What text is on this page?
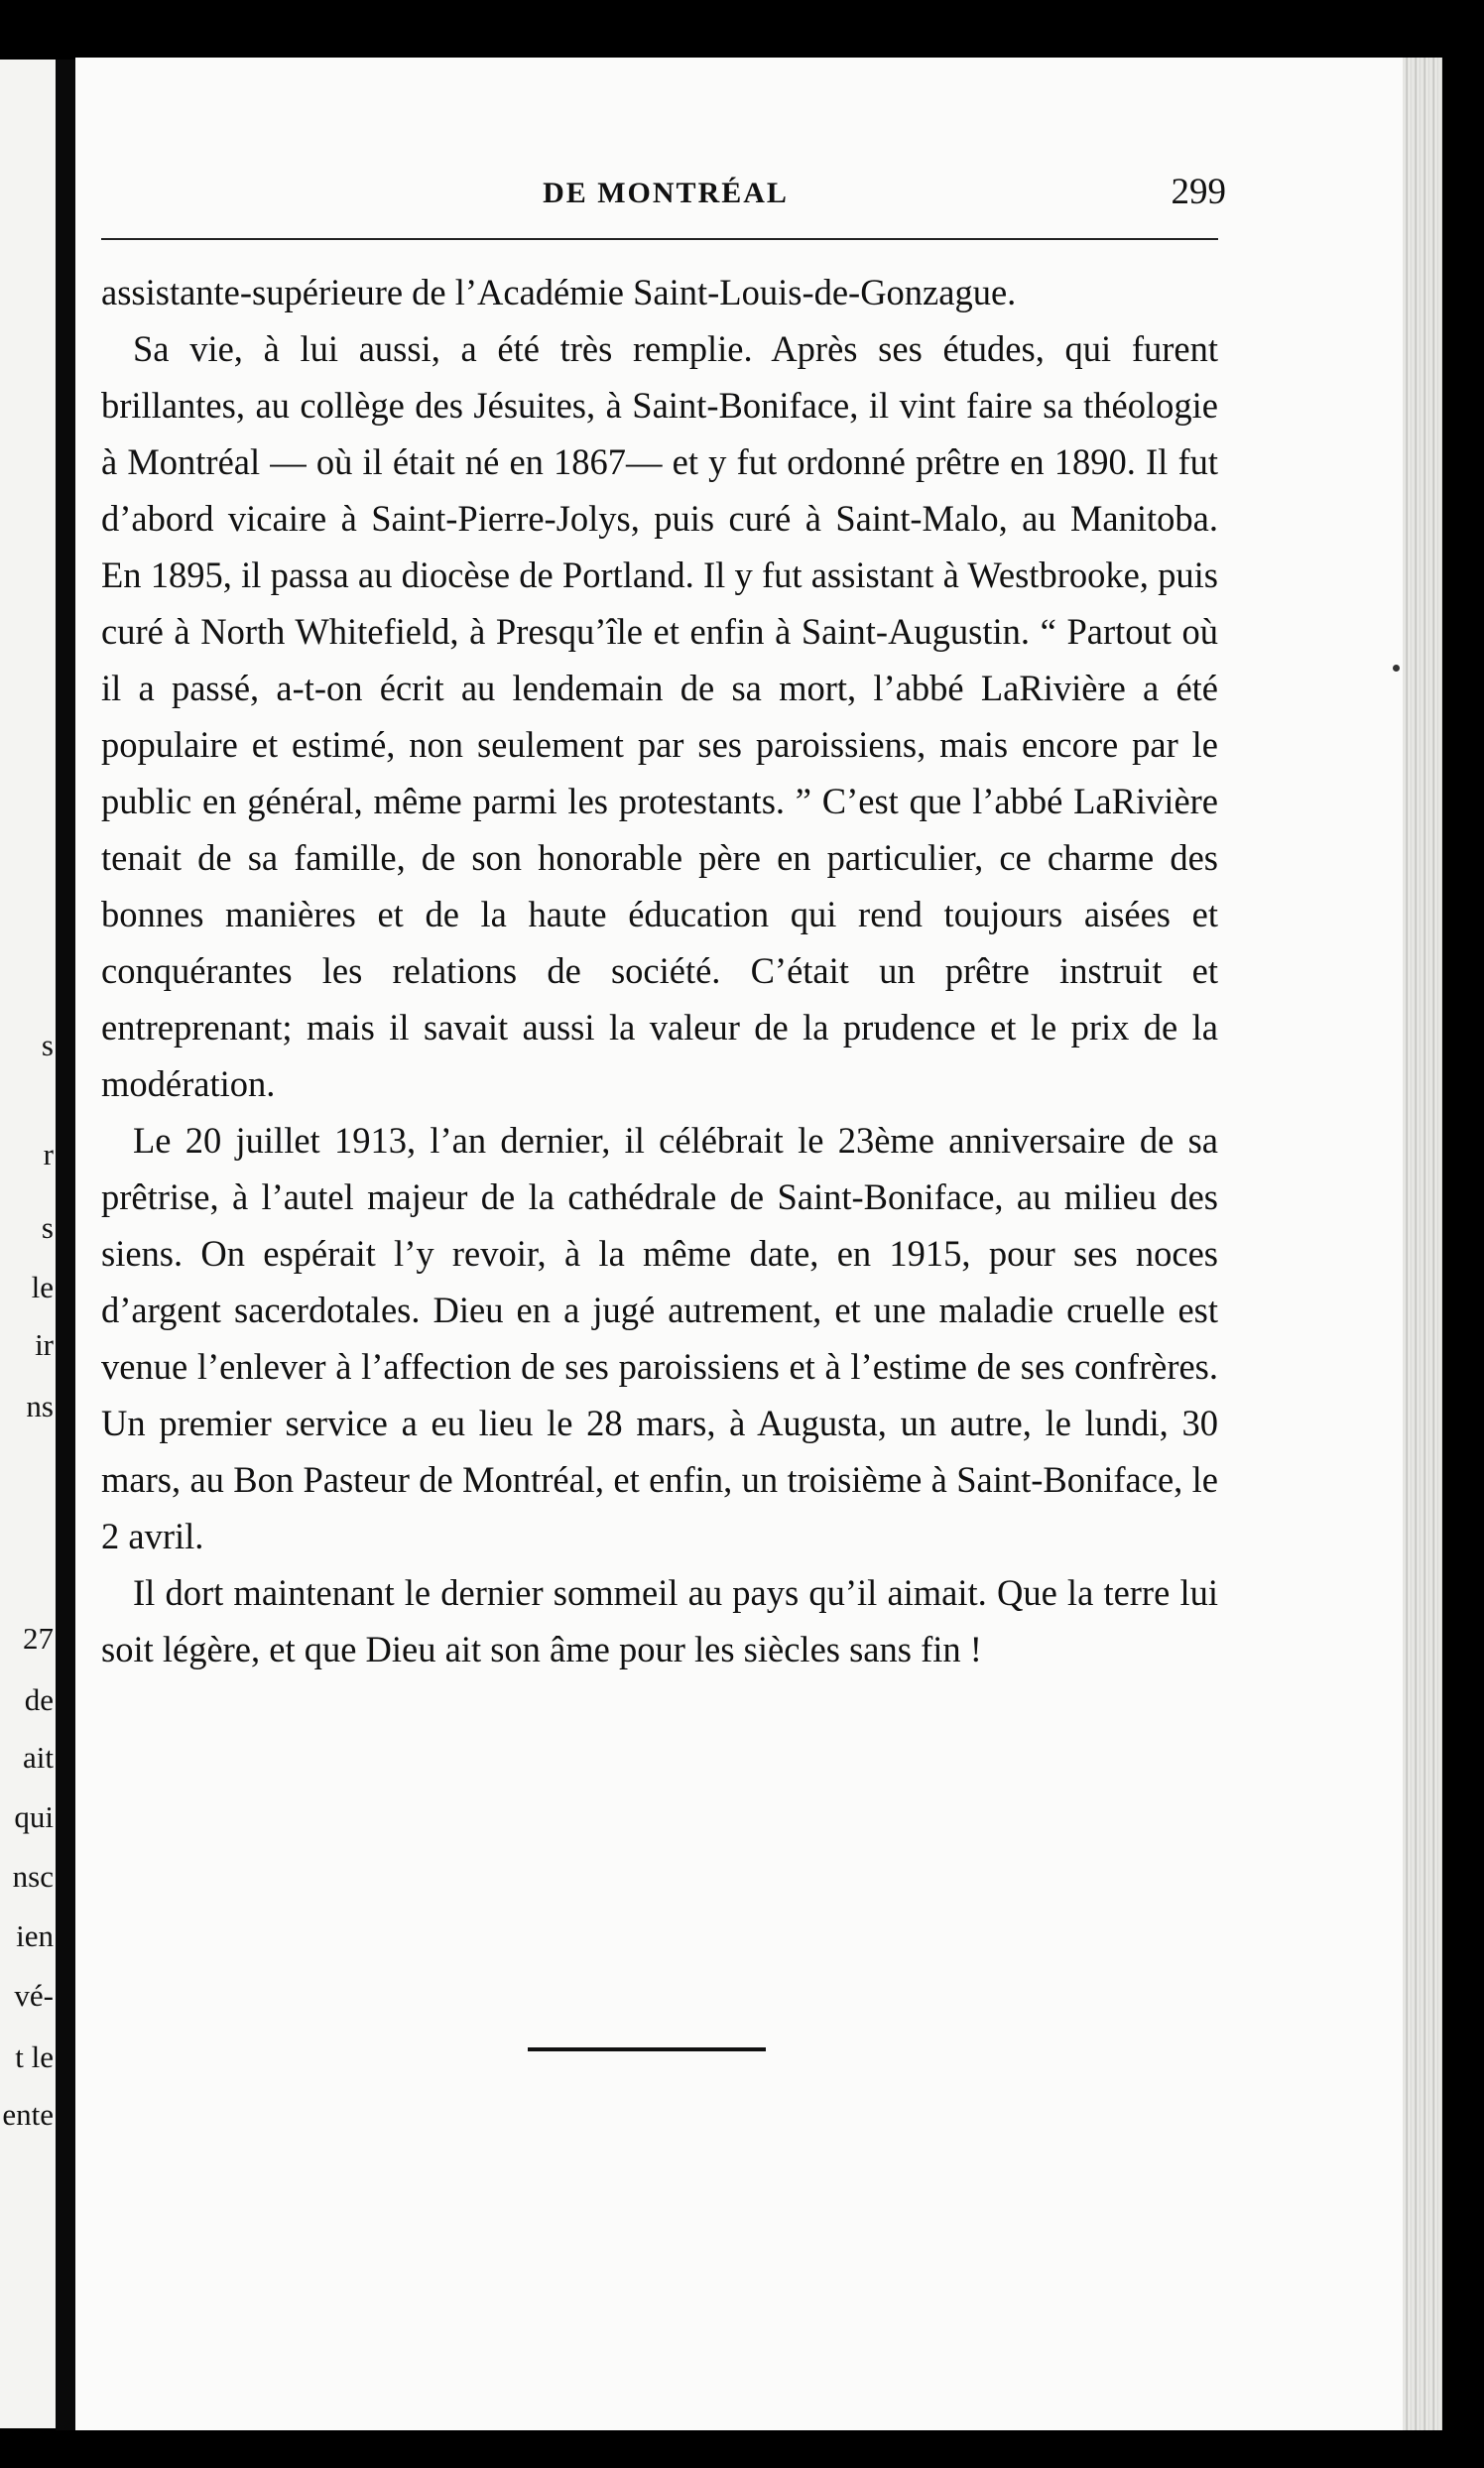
s
r
s
le
ir
ns
27
de
ait
qui
nsc
ien
vé-
t le
ente
DE MONTRÉAL	299

assistante-supérieure de l’Académie Saint-Louis-de-Gonzague.

Sa vie, à lui aussi, a été très remplie. Après ses études, qui furent brillantes, au collège des Jésuites, à Saint-Boniface, il vint faire sa théologie à Montréal — où il était né en 1867— et y fut ordonné prêtre en 1890. Il fut d’abord vicaire à Saint-Pierre-Jolys, puis curé à Saint-Malo, au Manitoba. En 1895, il passa au diocèse de Portland. Il y fut assistant à Westbrooke, puis curé à North Whitefield, à Presqu’île et enfin à Saint-Augustin. “ Partout où il a passé, a-t-on écrit au lendemain de sa mort, l’abbé LaRivière a été populaire et estimé, non seulement par ses paroissiens, mais encore par le public en général, même parmi les protestants. ” C’est que l’abbé LaRivière tenait de sa famille, de son honorable père en particulier, ce charme des bonnes manières et de la haute éducation qui rend toujours aisées et conquérantes les relations de société. C’était un prêtre instruit et entreprenant; mais il savait aussi la valeur de la prudence et le prix de la modération.

Le 20 juillet 1913, l’an dernier, il célébrait le 23ème anniversaire de sa prêtrise, à l’autel majeur de la cathédrale de Saint-Boniface, au milieu des siens. On espérait l’y revoir, à la même date, en 1915, pour ses noces d’argent sacerdotales. Dieu en a jugé autrement, et une maladie cruelle est venue l’enlever à l’affection de ses paroissiens et à l’estime de ses confrères. Un premier service a eu lieu le 28 mars, à Augusta, un autre, le lundi, 30 mars, au Bon Pasteur de Montréal, et enfin, un troisième à Saint-Boniface, le 2 avril.

Il dort maintenant le dernier sommeil au pays qu’il aimait. Que la terre lui soit légère, et que Dieu ait son âme pour les siècles sans fin !
